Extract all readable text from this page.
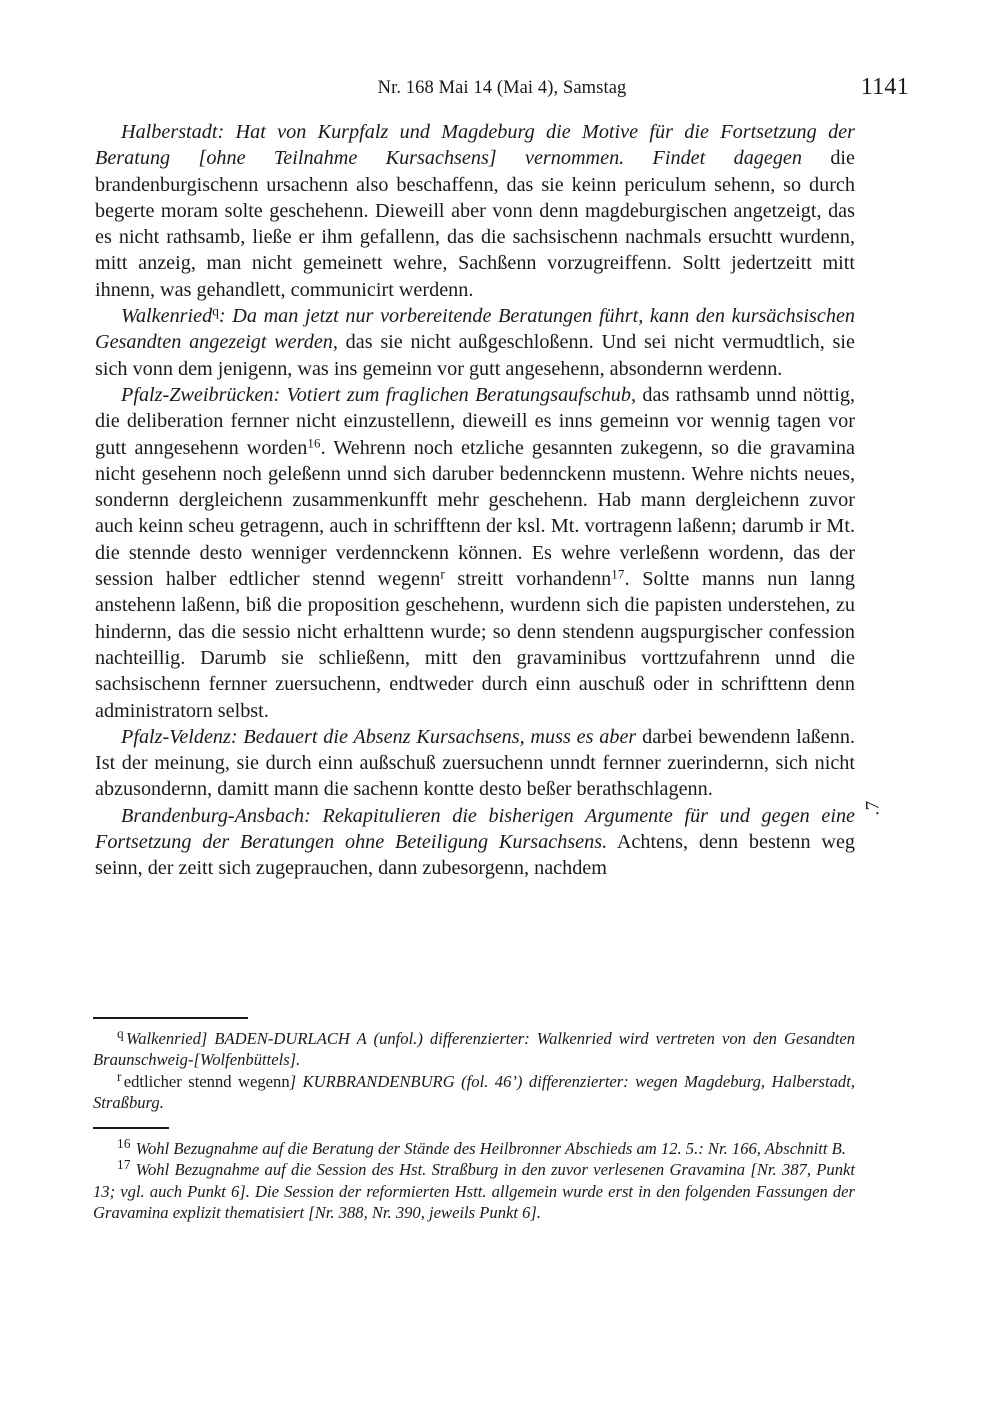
Nr. 168 Mai 14 (Mai 4), Samstag	1141

Halberstadt: Hat von Kurpfalz und Magdeburg die Motive für die Fortsetzung der Beratung [ohne Teilnahme Kursachsens] vernommen. Findet dagegen die brandenburgischenn ursachenn also beschaffenn, das sie keinn periculum sehenn, so durch begerte moram solte geschehenn. Dieweill aber vonn denn magdeburgischen angetzeigt, das es nicht rathsamb, ließe er ihm gefallenn, das die sachsischenn nachmals ersuchtt wurdenn, mitt anzeig, man nicht gemeinett wehre, Sachßenn vorzugreiffenn. Soltt jedertzeitt mitt ihnenn, was gehandlett, communicirt werdenn.

Walkenried$^q$: Da man jetzt nur vorbereitende Beratungen führt, kann den kursächsischen Gesandten angezeigt werden, das sie nicht außgeschloßenn. Und sei nicht vermudtlich, sie sich vonn dem jenigenn, was ins gemeinn vor gutt angesehenn, absondernn werdenn.

Pfalz-Zweibrücken: Votiert zum fraglichen Beratungsaufschub, das rathsamb unnd nöttig, die deliberation fernner nicht einzustellenn, dieweill es inns gemeinn vor wennig tagen vor gutt anngesehenn worden$^{16}$. Wehrenn noch etzliche gesannten zukegenn, so die gravamina nicht gesehenn noch geleßenn unnd sich daruber bedennckenn mustenn. Wehre nichts neues, sondernn dergleichenn zusammenkunfft mehr geschehenn. Hab mann dergleichenn zuvor auch keinn scheu getragenn, auch in schrifftenn der ksl. Mt. vortragenn laßenn; darumb ir Mt. die stennde desto wenniger verdennckenn können. Es wehre verleßenn wordenn, das der session halber edtlicher stennd wegenn$^r$ streitt vorhandenn$^{17}$. Soltte manns nun lanng anstehenn laßenn, biß die proposition geschehenn, wurdenn sich die papisten understehen, zu hindernn, das die sessio nicht erhalttenn wurde; so denn stendenn augspurgischer confession nachteillig. Darumb sie schließenn, mitt den gravaminibus vorttzufahrenn unnd die sachsischenn fernner zuersuchenn, endtweder durch einn auschuß oder in schrifttenn denn administratorn selbst.

Pfalz-Veldenz: Bedauert die Absenz Kursachsens, muss es aber darbei bewendenn laßenn. Ist der meinung, sie durch einn außschuß zuersuchenn unndt fernner zuerindernn, sich nicht abzusondernn, damitt mann die sachenn kontte desto beßer berathschlagenn.

Brandenburg-Ansbach: Rekapitulieren die bisherigen Argumente für und gegen eine Fortsetzung der Beratungen ohne Beteiligung Kursachsens. Achtens, denn bestenn weg seinn, der zeitt sich zugeprauchen, dann zubesorgenn, nachdem

.7

$^q$ Walkenried] BADEN-DURLACH A (unfol.) differenzierter: Walkenried wird vertreten von den Gesandten Braunschweig-[Wolfenbüttels].

$^r$ edtlicher stennd wegenn] KURBRANDENBURG (fol. 46’) differenzierter: wegen Magdeburg, Halberstadt, Straßburg.

$^{16}$ Wohl Bezugnahme auf die Beratung der Stände des Heilbronner Abschieds am 12. 5.: Nr. 166, Abschnitt B.

$^{17}$ Wohl Bezugnahme auf die Session des Hst. Straßburg in den zuvor verlesenen Gravamina [Nr. 387, Punkt 13; vgl. auch Punkt 6]. Die Session der reformierten Hstt. allgemein wurde erst in den folgenden Fassungen der Gravamina explizit thematisiert [Nr. 388, Nr. 390, jeweils Punkt 6].
